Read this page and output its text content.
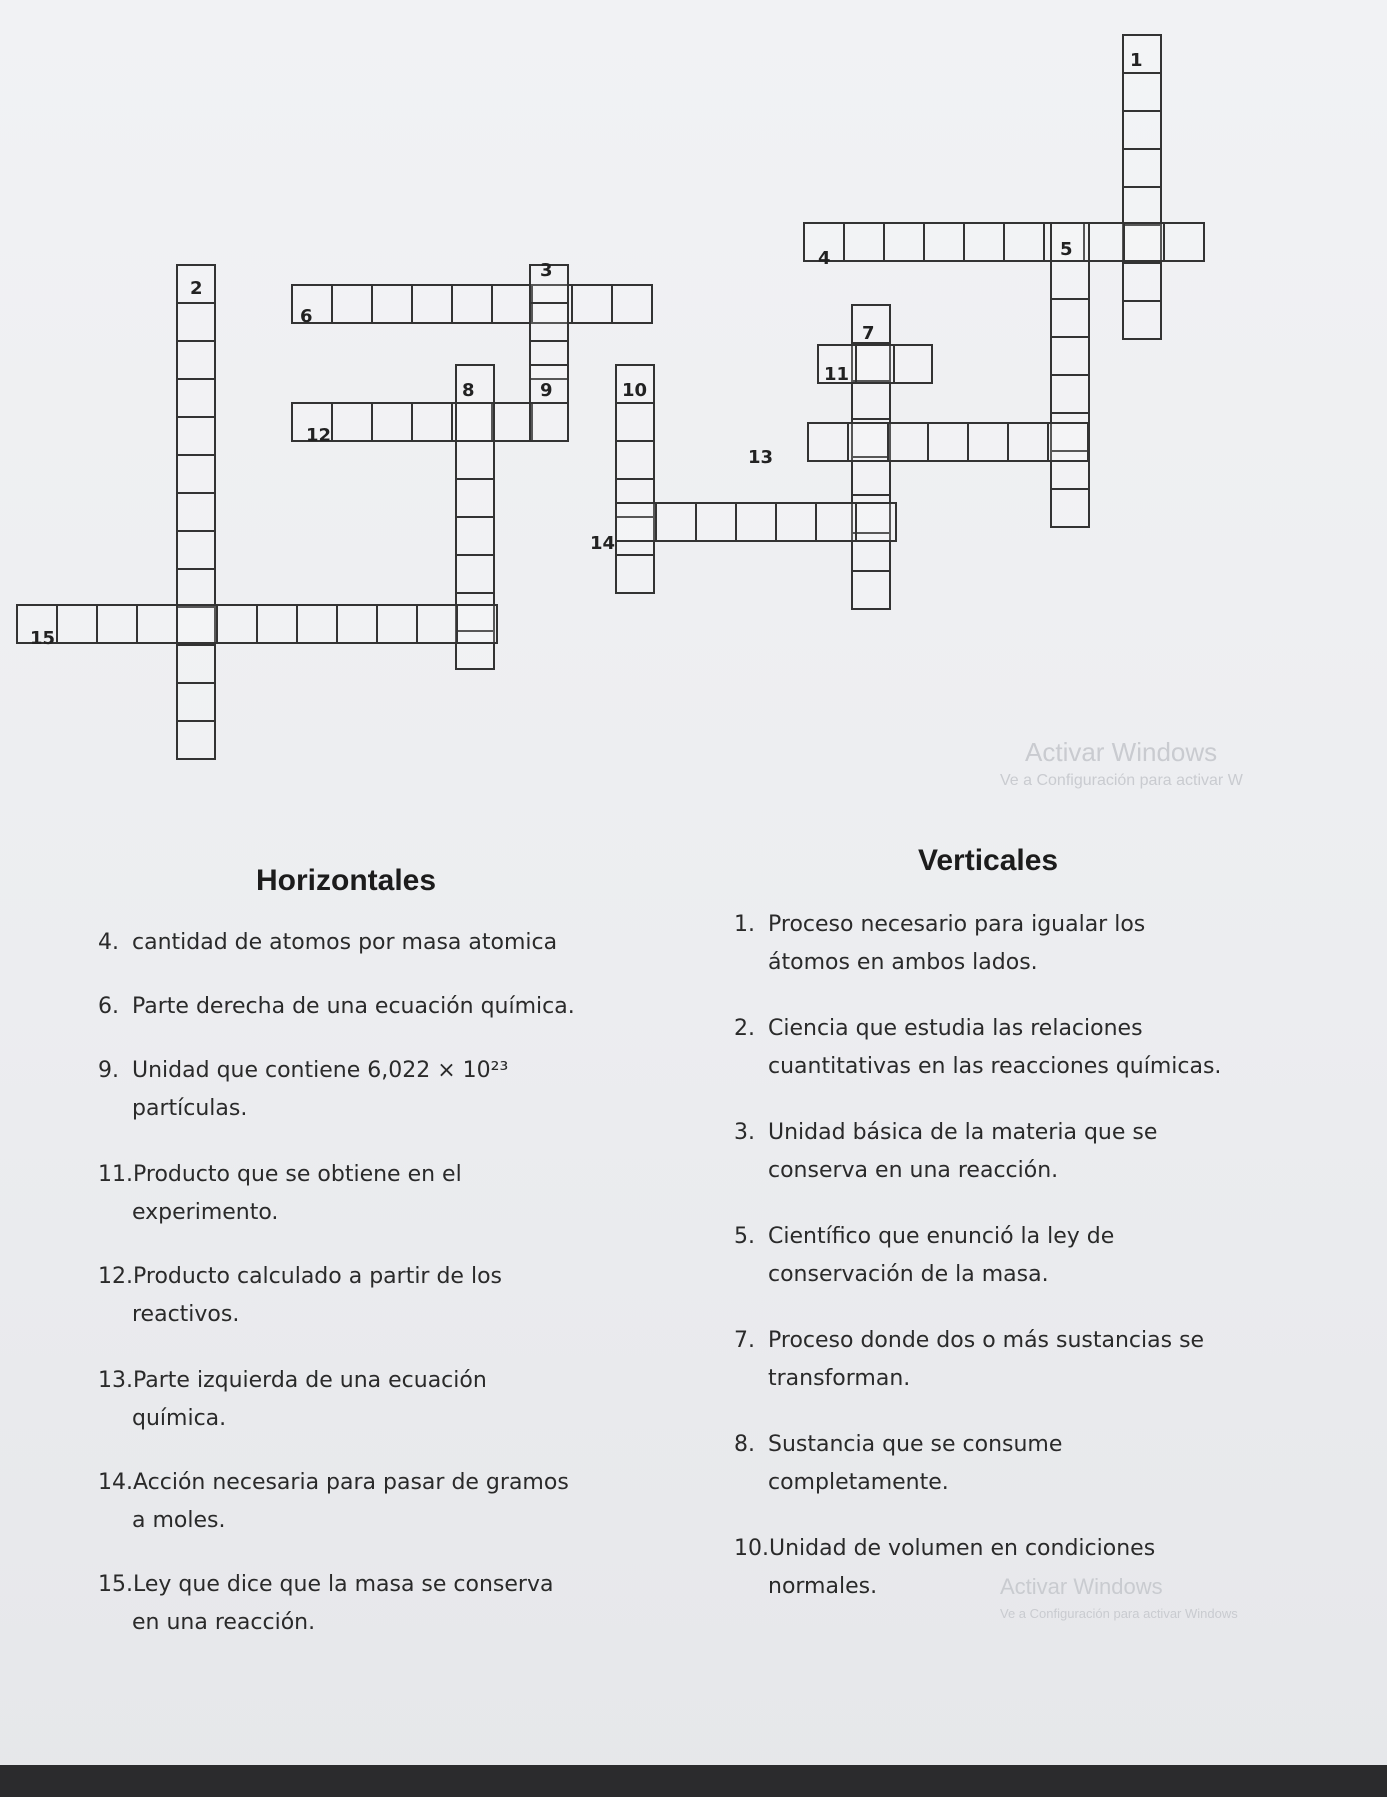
1
2
3
4	5
6
7
8	9	10
11
12
13
14
15
Activar Windows
Ve a Configuración para activar W
Horizontales
Verticales
4. cantidad de atomos por masa atomica
6. Parte derecha de una ecuación química.
9. Unidad que contiene 6,022 × 10²³
partículas.
11.Producto que se obtiene en el
experimento.
12.Producto calculado a partir de los
reactivos.
13.Parte izquierda de una ecuación
química.
14.Acción necesaria para pasar de gramos
a moles.
15.Ley que dice que la masa se conserva
en una reacción.
1. Proceso necesario para igualar los
átomos en ambos lados.
2. Ciencia que estudia las relaciones
cuantitativas en las reacciones químicas.
3. Unidad básica de la materia que se
conserva en una reacción.
5. Científico que enunció la ley de
conservación de la masa.
7. Proceso donde dos o más sustancias se
transforman.
8. Sustancia que se consume
completamente.
10.Unidad de volumen en condiciones
normales.	Activar Windows
Ve a Configuración para activar Windows
